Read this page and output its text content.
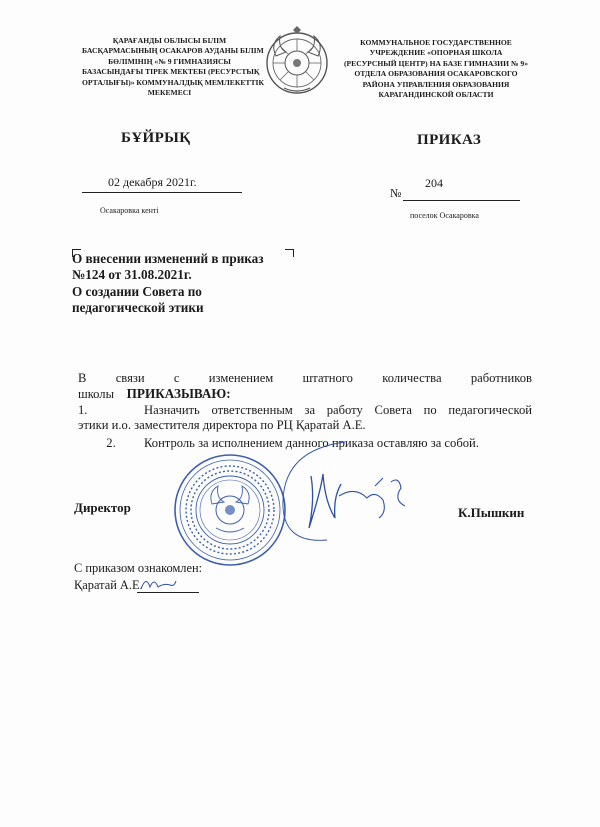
ҚАРАҒАНДЫ ОБЛЫСЫ БІЛІМ
БАСҚАРМАСЫНЫҢ ОСАКАРОВ АУДАНЫ БІЛІМ
БӨЛІМІНІҢ «№ 9 ГИМНАЗИЯСЫ
БАЗАСЫНДАҒЫ ТІРЕК МЕКТЕБІ (РЕСУРСТЫҚ
ОРТАЛЫҒЫ)» КОММУНАЛДЫҚ МЕМЛЕКЕТТІК
МЕКЕМЕСІ
КОММУНАЛЬНОЕ ГОСУДАРСТВЕННОЕ
УЧРЕЖДЕНИЕ «ОПОРНАЯ ШКОЛА
(РЕСУРСНЫЙ ЦЕНТР) НА БАЗЕ ГИМНАЗИИ № 9»
ОТДЕЛА ОБРАЗОВАНИЯ ОСАКАРОВСКОГО
РАЙОНА УПРАВЛЕНИЯ ОБРАЗОВАНИЯ
КАРАГАНДИНСКОЙ ОБЛАСТИ
БҰЙРЫҚ	ПРИКАЗ
02 декабря 2021г.
Осакаровка кенті
№
204
поселок Осакаровка
О внесении изменений в приказ
№124 от 31.08.2021г.
О создании Совета по
педагогической этики
В связи с изменением штатного количества работников
школы ПРИКАЗЫВАЮ:
1.	Назначить ответственным за работу Совета по педагогической
этики и.о. заместителя директора по РЦ Қаратай А.Е.
2. Контроль за исполнением данного приказа оставляю за собой.
Директор	К.Пышкин
С приказом ознакомлен:
Қаратай А.Е.
